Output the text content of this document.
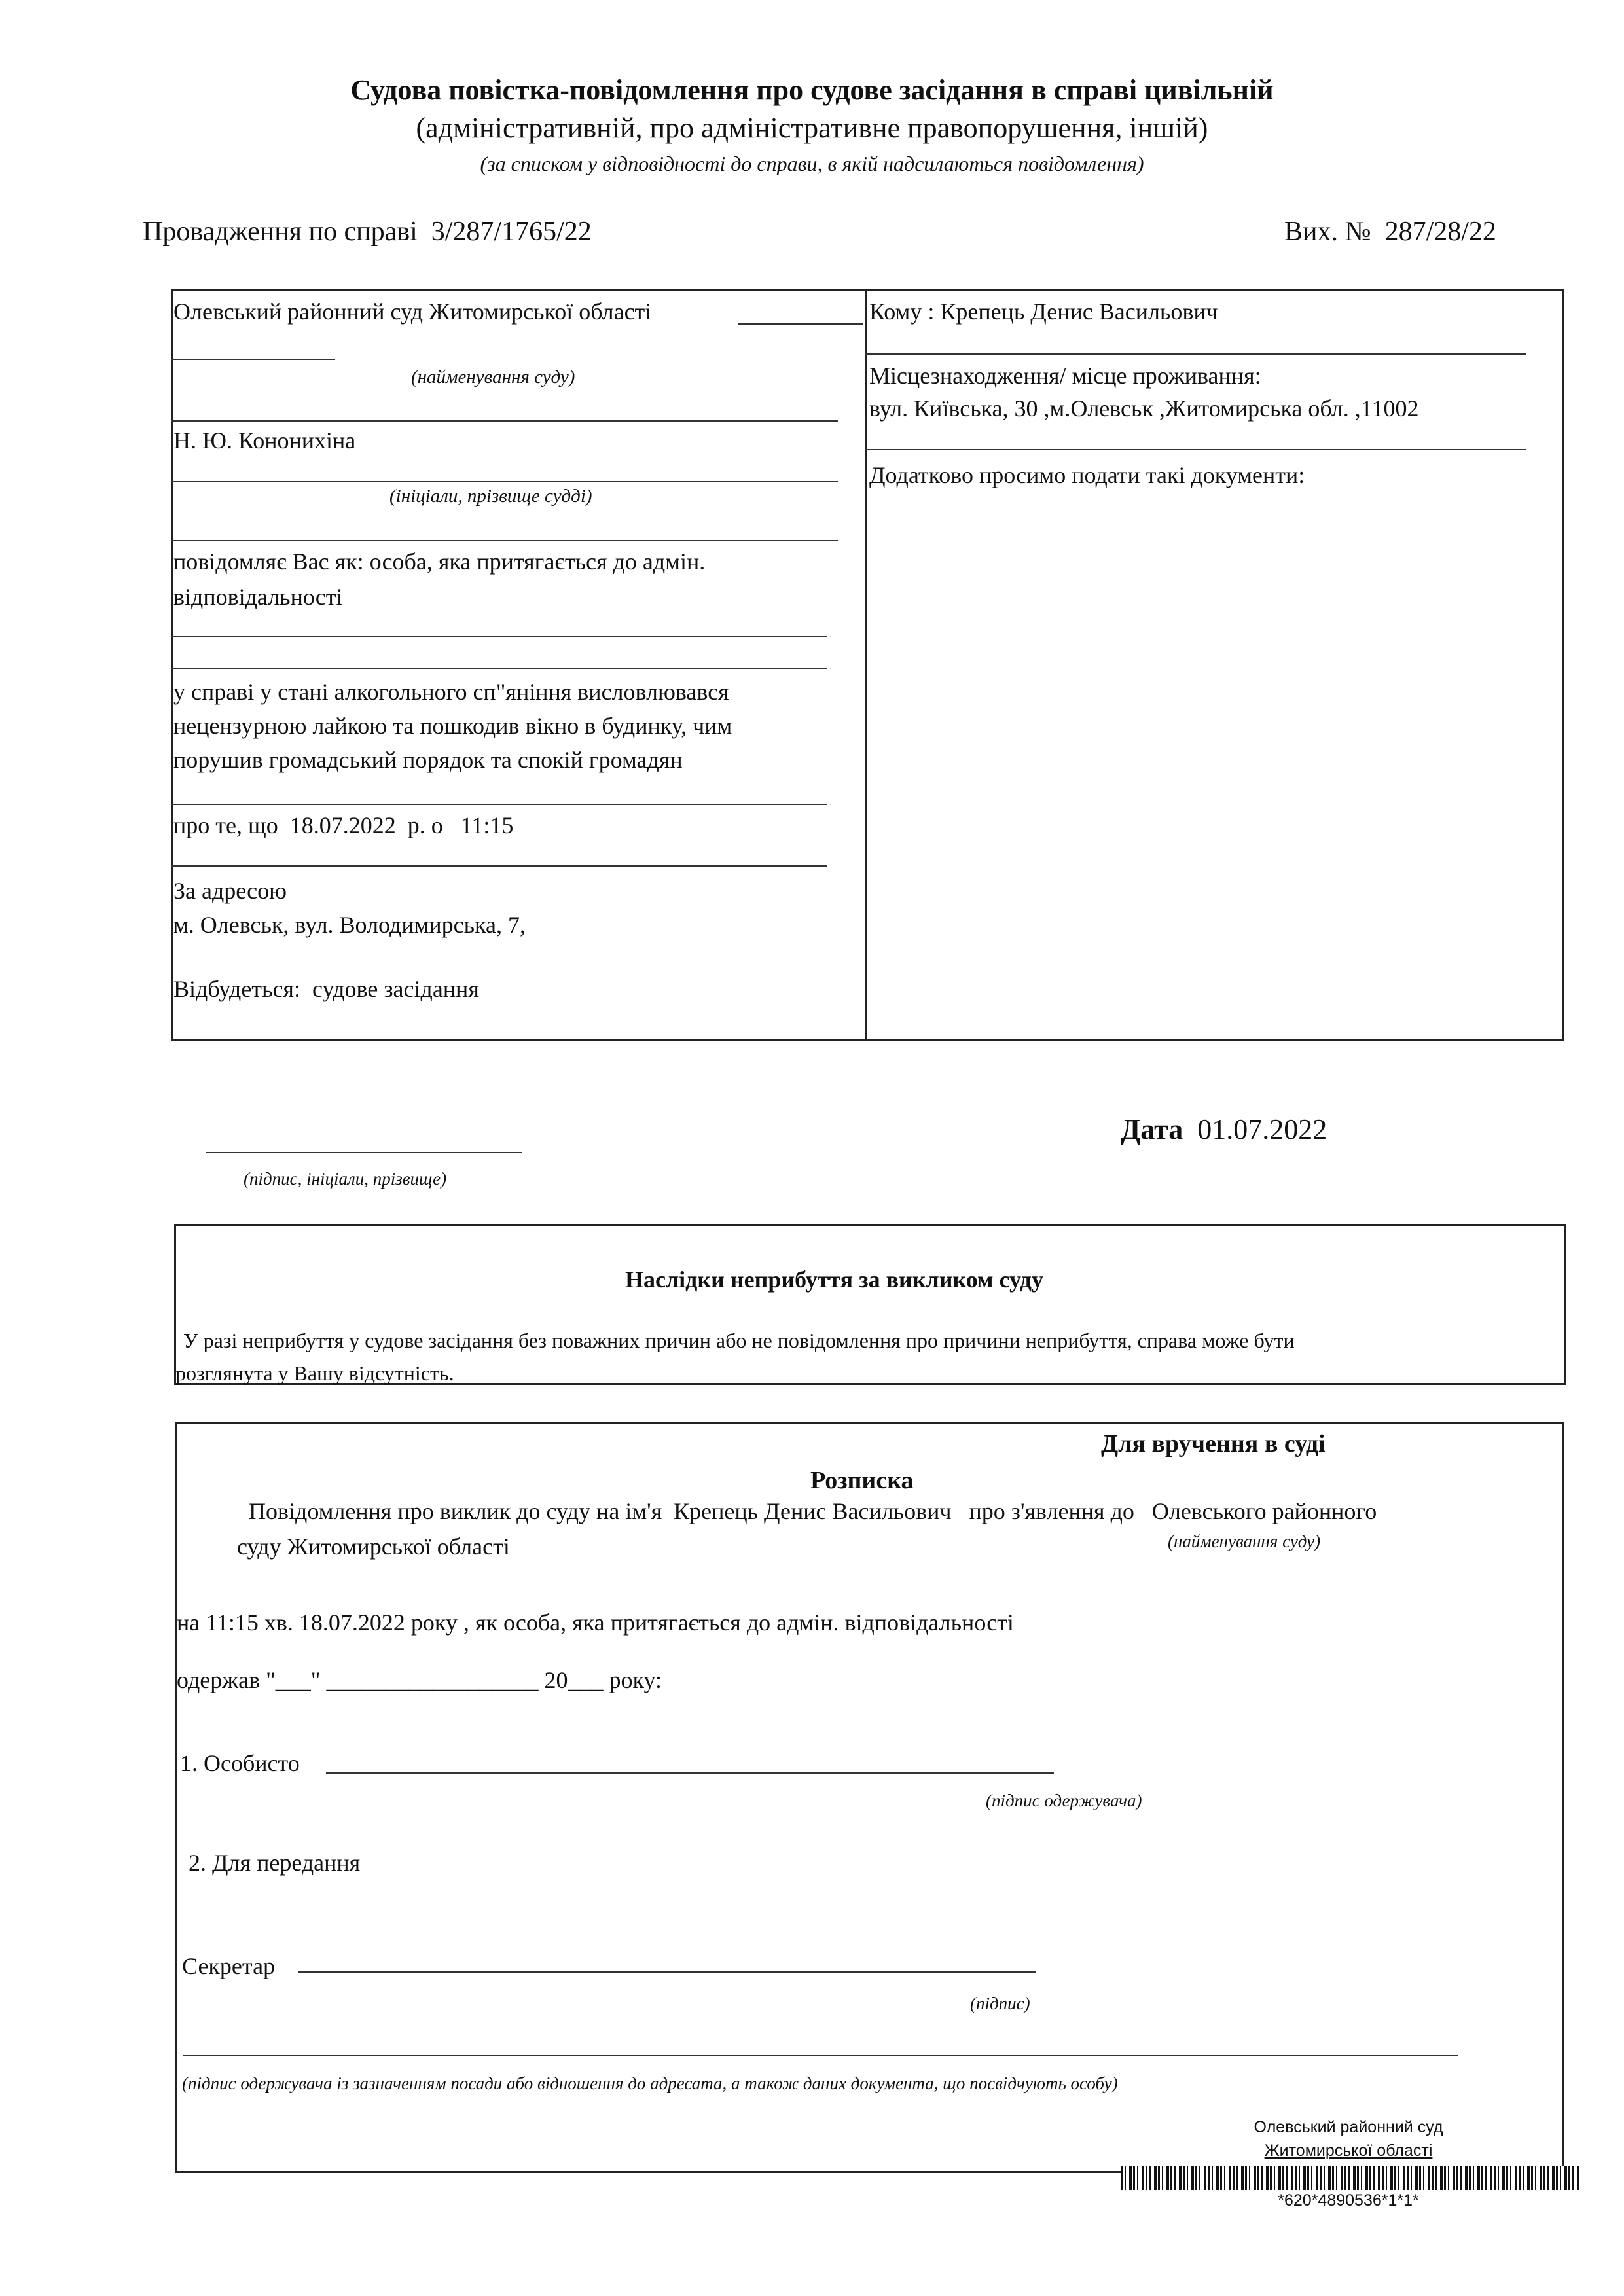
Судова повістка-повідомлення про судове засідання в справі цивільній
(адміністративній, про адміністративне правопорушення, іншій)
(за списком у відповідності до справи, в якій надсилаються повідомлення)
Провадження по справі 3/287/1765/22	Вих. № 287/28/22
Олевський районний суд Житомирської області
(найменування суду)
Н. Ю. Кононихіна
(ініціали, прізвище судді)
повідомляє Вас як: особа, яка притягається до адмін.
відповідальності
у справі у стані алкогольного сп"яніння висловлювався
нецензурною лайкою та пошкодив вікно в будинку, чим
порушив громадський порядок та спокій громадян
про те, що 18.07.2022 р. о 11:15
За адресою
м. Олевськ, вул. Володимирська, 7,
Відбудеться: судове засідання
Кому : Крепець Денис Васильович
Місцезнаходження/ місце проживання:
вул. Київська, 30 ,м.Олевськ ,Житомирська обл. ,11002
Додатково просимо подати такі документи:
(підпис, ініціали, прізвище)
Дата 01.07.2022
Наслідки неприбуття за викликом суду
У разі неприбуття у судове засідання без поважних причин або не повідомлення про причини неприбуття, справа може бути
розглянута у Вашу відсутність.
Для вручення в суді
Розписка
Повідомлення про виклик до суду на ім'я Крепець Денис Васильович про з'явлення до Олевського районного
суду Житомирської області	(найменування суду)
на 11:15 хв. 18.07.2022 року , як особа, яка притягається до адмін. відповідальності
одержав "___" __________________ 20___ року:
1. Особисто
(підпис одержувача)
2. Для передання
Секретар
(підпис)
(підпис одержувача із зазначенням посади або відношення до адресата, а також даних документа, що посвідчують особу)
Олевський районний суд
Житомирської області
*620*4890536*1*1*
